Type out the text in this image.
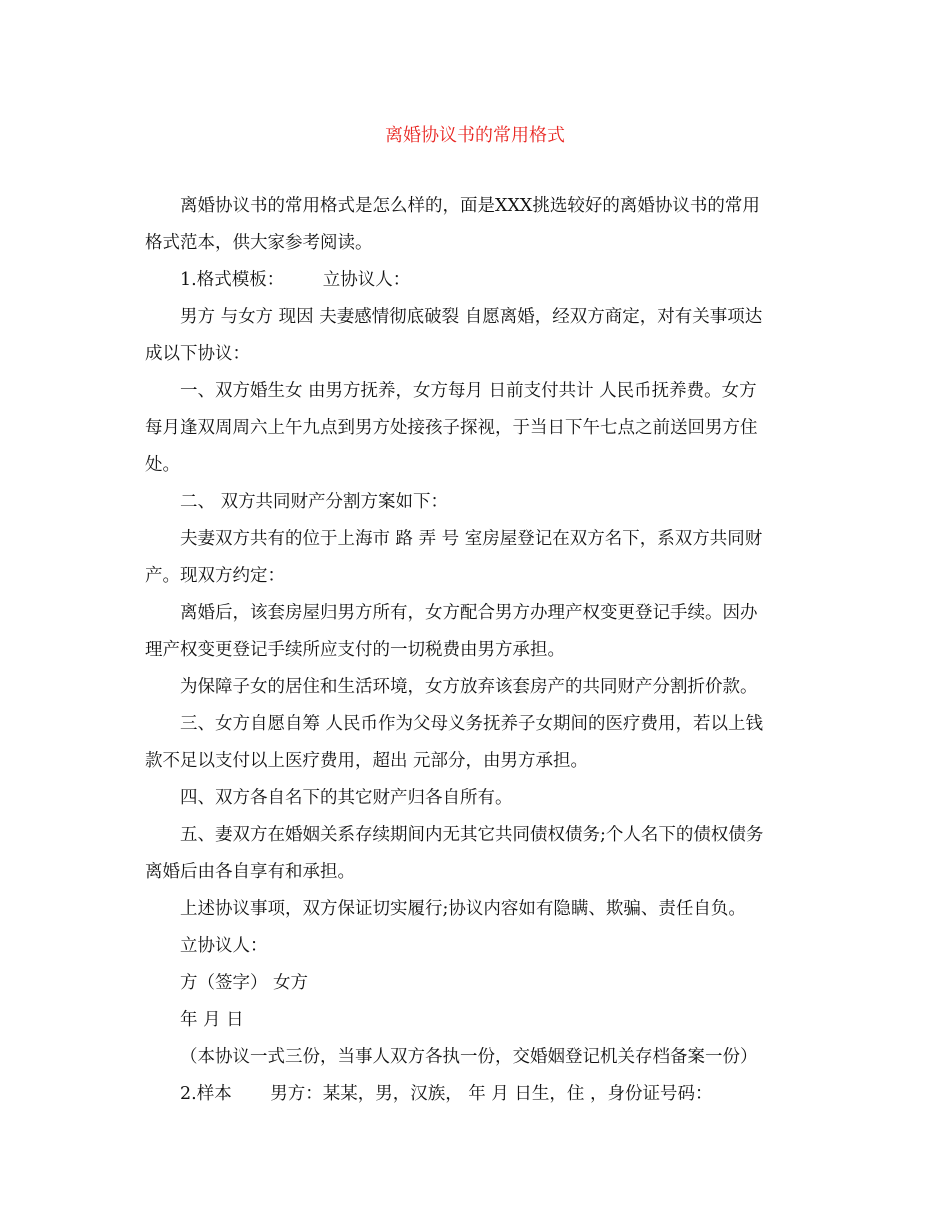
离婚协议书的常用格式

离婚协议书的常用格式是怎么样的，面是XXX挑选较好的离婚协议书的常用
格式范本，供大家参考阅读。

1.格式模板： 立协议人：

男方 与女方 现因 夫妻感情彻底破裂 自愿离婚，经双方商定，对有关事项达
成以下协议：

一、双方婚生女 由男方抚养，女方每月 日前支付共计 人民币抚养费。女方
每月逢双周周六上午九点到男方处接孩子探视，于当日下午七点之前送回男方住
处。

二、 双方共同财产分割方案如下：

夫妻双方共有的位于上海市 路 弄 号 室房屋登记在双方名下，系双方共同财
产。现双方约定：

离婚后，该套房屋归男方所有，女方配合男方办理产权变更登记手续。因办
理产权变更登记手续所应支付的一切税费由男方承担。

为保障子女的居住和生活环境，女方放弃该套房产的共同财产分割折价款。

三、女方自愿自筹 人民币作为父母义务抚养子女期间的医疗费用，若以上钱
款不足以支付以上医疗费用，超出 元部分，由男方承担。

四、双方各自名下的其它财产归各自所有。

五、妻双方在婚姻关系存续期间内无其它共同债权债务;个人名下的债权债务
离婚后由各自享有和承担。

上述协议事项，双方保证切实履行;协议内容如有隐瞒、欺骗、责任自负。

立协议人：

方（签字） 女方

年 月 日

（本协议一式三份，当事人双方各执一份，交婚姻登记机关存档备案一份）

2.样本 男方：某某，男，汉族， 年 月 日生，住 ，身份证号码：
